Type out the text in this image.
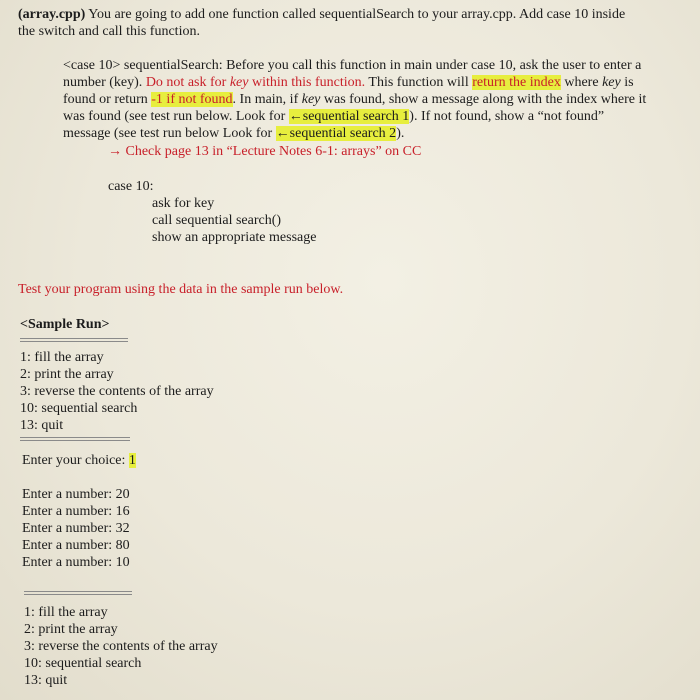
(array.cpp) You are going to add one function called sequentialSearch to your array.cpp. Add case 10 inside
the switch and call this function.
<case 10> sequentialSearch: Before you call this function in main under case 10, ask the user to enter a
number (key). Do not ask for key within this function. This function will return the index where key is
found or return -1 if not found. In main, if key was found, show a message along with the index where it
was found (see test run below. Look for ←sequential search 1). If not found, show a “not found”
message (see test run below Look for ←sequential search 2).
→ Check page 13 in “Lecture Notes 6-1: arrays” on CC
case 10:
ask for key
call sequential search()
show an appropriate message
Test your program using the data in the sample run below.
<Sample Run>
1: fill the array
2: print the array
3: reverse the contents of the array
10: sequential search
13: quit
Enter your choice: 1
Enter a number: 20
Enter a number: 16
Enter a number: 32
Enter a number: 80
Enter a number: 10
1: fill the array
2: print the array
3: reverse the contents of the array
10: sequential search
13: quit
